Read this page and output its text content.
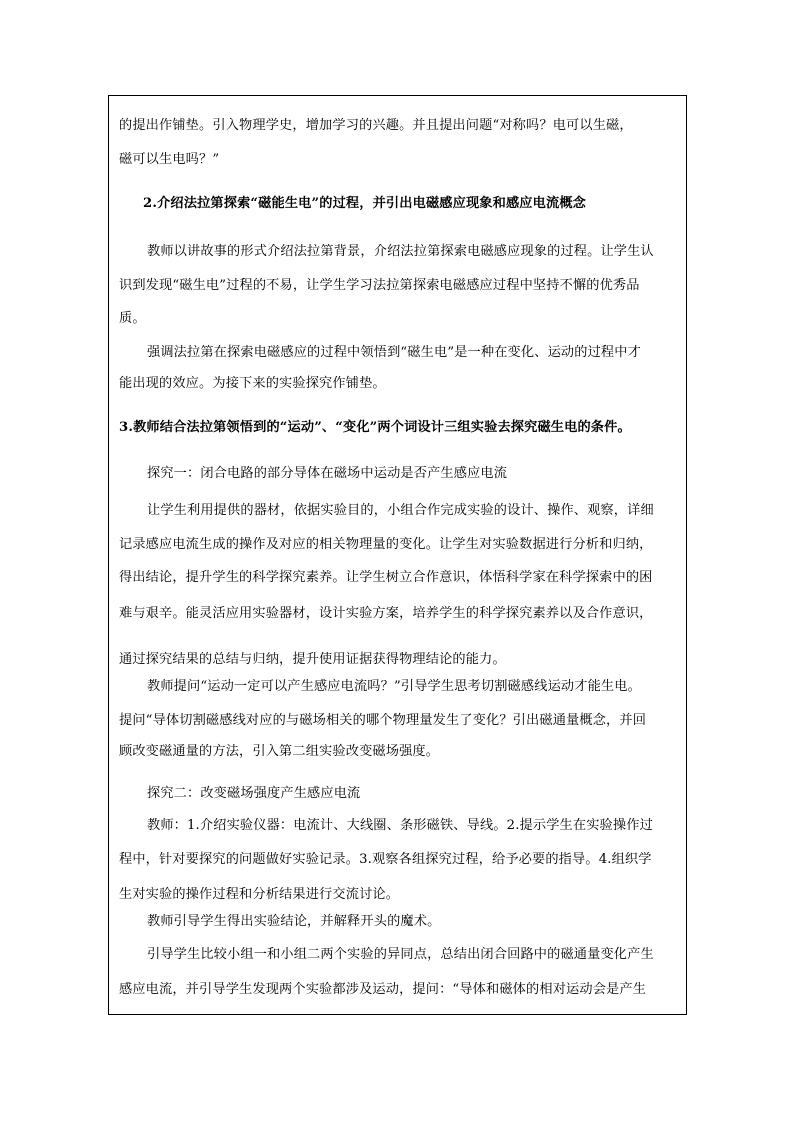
的提出作铺垫。引入物理学史，增加学习的兴趣。并且提出问题“对称吗？电可以生磁，
磁可以生电吗？”
2.介绍法拉第探索“磁能生电”的过程，并引出电磁感应现象和感应电流概念
教师以讲故事的形式介绍法拉第背景，介绍法拉第探索电磁感应现象的过程。让学生认
识到发现“磁生电”过程的不易，让学生学习法拉第探索电磁感应过程中坚持不懈的优秀品
质。
强调法拉第在探索电磁感应的过程中领悟到“磁生电”是一种在变化、运动的过程中才
能出现的效应。为接下来的实验探究作铺垫。
3.教师结合法拉第领悟到的“运动”、“变化”两个词设计三组实验去探究磁生电的条件。
探究一：闭合电路的部分导体在磁场中运动是否产生感应电流
让学生利用提供的器材，依据实验目的，小组合作完成实验的设计、操作、观察，详细
记录感应电流生成的操作及对应的相关物理量的变化。让学生对实验数据进行分析和归纳，
得出结论，提升学生的科学探究素养。让学生树立合作意识，体悟科学家在科学探索中的困
难与艰辛。能灵活应用实验器材，设计实验方案，培养学生的科学探究素养以及合作意识，
通过探究结果的总结与归纳，提升使用证据获得物理结论的能力。
教师提问“运动一定可以产生感应电流吗？”引导学生思考切割磁感线运动才能生电。
提问“导体切割磁感线对应的与磁场相关的哪个物理量发生了变化？引出磁通量概念，并回
顾改变磁通量的方法，引入第二组实验改变磁场强度。
探究二：改变磁场强度产生感应电流
教师：1.介绍实验仪器：电流计、大线圈、条形磁铁、导线。2.提示学生在实验操作过
程中，针对要探究的问题做好实验记录。3.观察各组探究过程，给予必要的指导。4.组织学
生对实验的操作过程和分析结果进行交流讨论。
教师引导学生得出实验结论，并解释开头的魔术。
引导学生比较小组一和小组二两个实验的异同点，总结出闭合回路中的磁通量变化产生
感应电流，并引导学生发现两个实验都涉及运动，提问：“导体和磁体的相对运动会是产生
